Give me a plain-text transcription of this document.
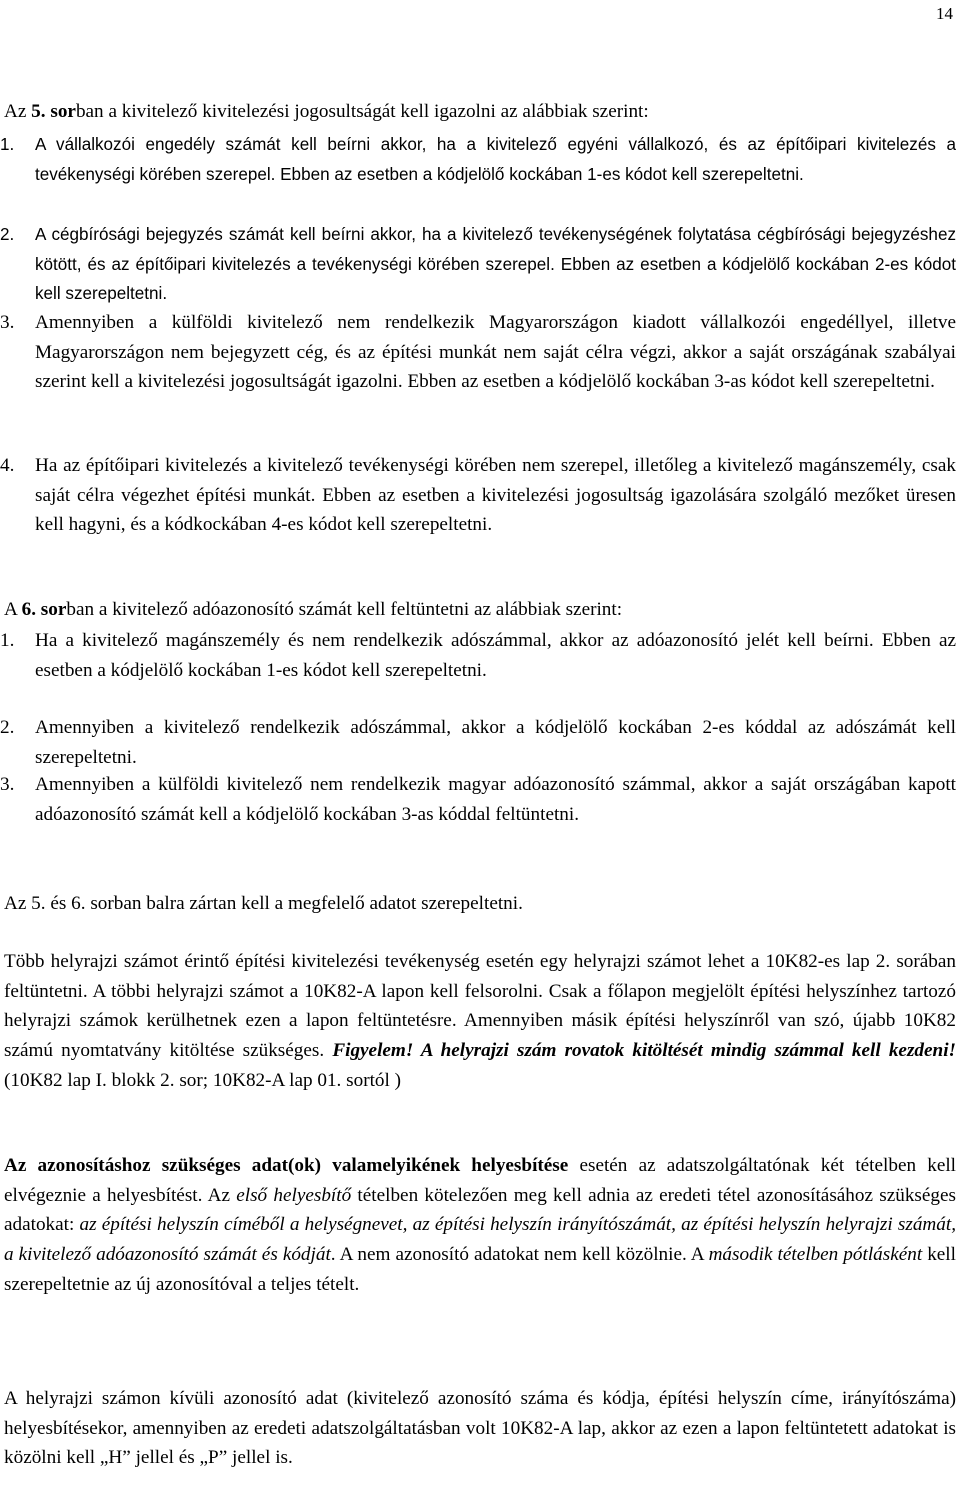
14

Az 5. sorban a kivitelező kivitelezési jogosultságát kell igazolni az alábbiak szerint:

1. A vállalkozói engedély számát kell beírni akkor, ha a kivitelező egyéni vállalkozó, és az építőipari kivitelezés a tevékenységi körében szerepel. Ebben az esetben a kódjelölő kockában 1-es kódot kell szerepeltetni.

2. A cégbírósági bejegyzés számát kell beírni akkor, ha a kivitelező tevékenységének folytatása cégbírósági bejegyzéshez kötött, és az építőipari kivitelezés a tevékenységi körében szerepel. Ebben az esetben a kódjelölő kockában 2-es kódot kell szerepeltetni.

3. Amennyiben a külföldi kivitelező nem rendelkezik Magyarországon kiadott vállalkozói engedéllyel, illetve Magyarországon nem bejegyzett cég, és az építési munkát nem saját célra végzi, akkor a saját országának szabályai szerint kell a kivitelezési jogosultságát igazolni. Ebben az esetben a kódjelölő kockában 3-as kódot kell szerepeltetni.

4. Ha az építőipari kivitelezés a kivitelező tevékenységi körében nem szerepel, illetőleg a kivitelező magánszemély, csak saját célra végezhet építési munkát. Ebben az esetben a kivitelezési jogosultság igazolására szolgáló mezőket üresen kell hagyni, és a kódkockában 4-es kódot kell szerepeltetni.

A 6. sorban a kivitelező adóazonosító számát kell feltüntetni az alábbiak szerint:

1. Ha a kivitelező magánszemély és nem rendelkezik adószámmal, akkor az adóazonosító jelét kell beírni. Ebben az esetben a kódjelölő kockában 1-es kódot kell szerepeltetni.

2. Amennyiben a kivitelező rendelkezik adószámmal, akkor a kódjelölő kockában 2-es kóddal az adószámát kell szerepeltetni.

3. Amennyiben a külföldi kivitelező nem rendelkezik magyar adóazonosító számmal, akkor a saját országában kapott adóazonosító számát kell a kódjelölő kockában 3-as kóddal feltüntetni.

Az 5. és 6. sorban balra zártan kell a megfelelő adatot szerepeltetni.

Több helyrajzi számot érintő építési kivitelezési tevékenység esetén egy helyrajzi számot lehet a 10K82-es lap 2. sorában feltüntetni. A többi helyrajzi számot a 10K82-A lapon kell felsorolni. Csak a főlapon megjelölt építési helyszínhez tartozó helyrajzi számok kerülhetnek ezen a lapon feltüntetésre. Amennyiben másik építési helyszínről van szó, újabb 10K82 számú nyomtatvány kitöltése szükséges. Figyelem! A helyrajzi szám rovatok kitöltését mindig számmal kell kezdeni! (10K82 lap I. blokk 2. sor; 10K82-A lap 01. sortól )

Az azonosításhoz szükséges adat(ok) valamelyikének helyesbítése esetén az adatszolgáltatónak két tételben kell elvégeznie a helyesbítést. Az első helyesbítő tételben kötelezően meg kell adnia az eredeti tétel azonosításához szükséges adatokat: az építési helyszín címéből a helységnevet, az építési helyszín irányítószámát, az építési helyszín helyrajzi számát, a kivitelező adóazonosító számát és kódját. A nem azonosító adatokat nem kell közölnie. A második tételben pótlásként kell szerepeltetnie az új azonosítóval a teljes tételt.

A helyrajzi számon kívüli azonosító adat (kivitelező azonosító száma és kódja, építési helyszín címe, irányítószáma) helyesbítésekor, amennyiben az eredeti adatszolgáltatásban volt 10K82-A lap, akkor az ezen a lapon feltüntetett adatokat is közölni kell „H” jellel és „P” jellel is.
